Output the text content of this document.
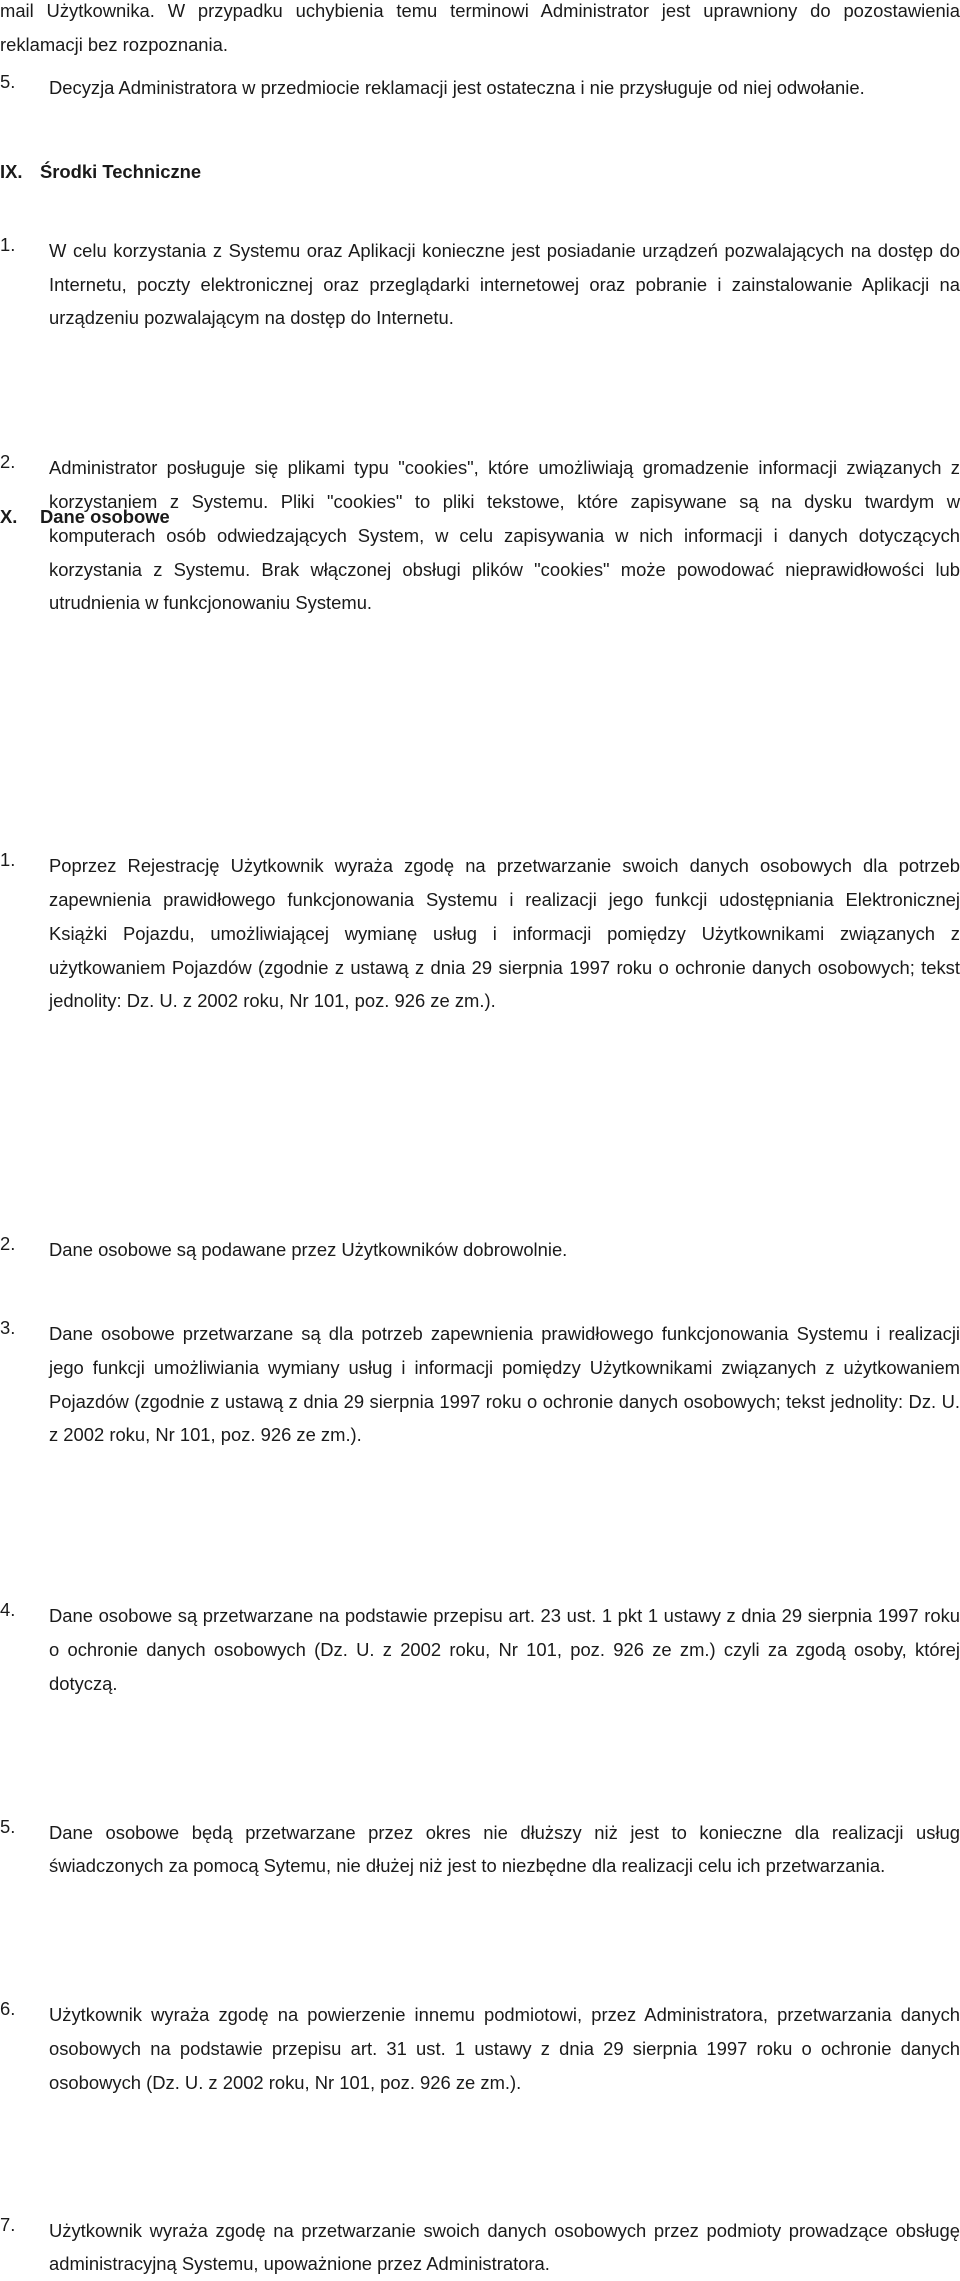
mail Użytkownika. W przypadku uchybienia temu terminowi Administrator jest uprawniony do pozostawienia reklamacji bez rozpoznania.

5.	Decyzja Administratora w przedmiocie reklamacji jest ostateczna i nie przysługuje od niej odwołanie.

IX. Środki Techniczne

1.	W celu korzystania z Systemu oraz Aplikacji konieczne jest posiadanie urządzeń pozwalających na dostęp do Internetu, poczty elektronicznej oraz przeglądarki internetowej oraz pobranie i zainstalowanie Aplikacji na urządzeniu pozwalającym na dostęp do Internetu.

2.	Administrator posługuje się plikami typu "cookies", które umożliwiają gromadzenie informacji związanych z korzystaniem z Systemu. Pliki "cookies" to pliki tekstowe, które zapisywane są na dysku twardym w komputerach osób odwiedzających System, w celu zapisywania w nich informacji i danych dotyczących korzystania z Systemu. Brak włączonej obsługi plików "cookies" może powodować nieprawidłowości lub utrudnienia w funkcjonowaniu Systemu.

X. Dane osobowe

1.	Poprzez Rejestrację Użytkownik wyraża zgodę na przetwarzanie swoich danych osobowych dla potrzeb zapewnienia prawidłowego funkcjonowania Systemu i realizacji jego funkcji udostępniania Elektronicznej Książki Pojazdu, umożliwiającej wymianę usług i informacji pomiędzy Użytkownikami związanych z użytkowaniem Pojazdów (zgodnie z ustawą z dnia 29 sierpnia 1997 roku o ochronie danych osobowych; tekst jednolity: Dz. U. z 2002 roku, Nr 101, poz. 926 ze zm.).

2.	Dane osobowe są podawane przez Użytkowników dobrowolnie.

3.	Dane osobowe przetwarzane są dla potrzeb zapewnienia prawidłowego funkcjonowania Systemu i realizacji jego funkcji umożliwiania wymiany usług i informacji pomiędzy Użytkownikami związanych z użytkowaniem Pojazdów (zgodnie z ustawą z dnia 29 sierpnia 1997 roku o ochronie danych osobowych; tekst jednolity: Dz. U. z 2002 roku, Nr 101, poz. 926 ze zm.).

4.	Dane osobowe są przetwarzane na podstawie przepisu art. 23 ust. 1 pkt 1 ustawy z dnia 29 sierpnia 1997 roku o ochronie danych osobowych (Dz. U. z 2002 roku, Nr 101, poz. 926 ze zm.) czyli za zgodą osoby, której dotyczą.

5.	Dane osobowe będą przetwarzane przez okres nie dłuższy niż jest to konieczne dla realizacji usług świadczonych za pomocą Sytemu, nie dłużej niż jest to niezbędne dla realizacji celu ich przetwarzania.

6.	Użytkownik wyraża zgodę na powierzenie innemu podmiotowi, przez Administratora, przetwarzania danych osobowych na podstawie przepisu art. 31 ust. 1 ustawy z dnia 29 sierpnia 1997 roku o ochronie danych osobowych (Dz. U. z 2002 roku, Nr 101, poz. 926 ze zm.).

7.	Użytkownik wyraża zgodę na przetwarzanie swoich danych osobowych przez podmioty prowadzące obsługę administracyjną Systemu, upoważnione przez Administratora.
